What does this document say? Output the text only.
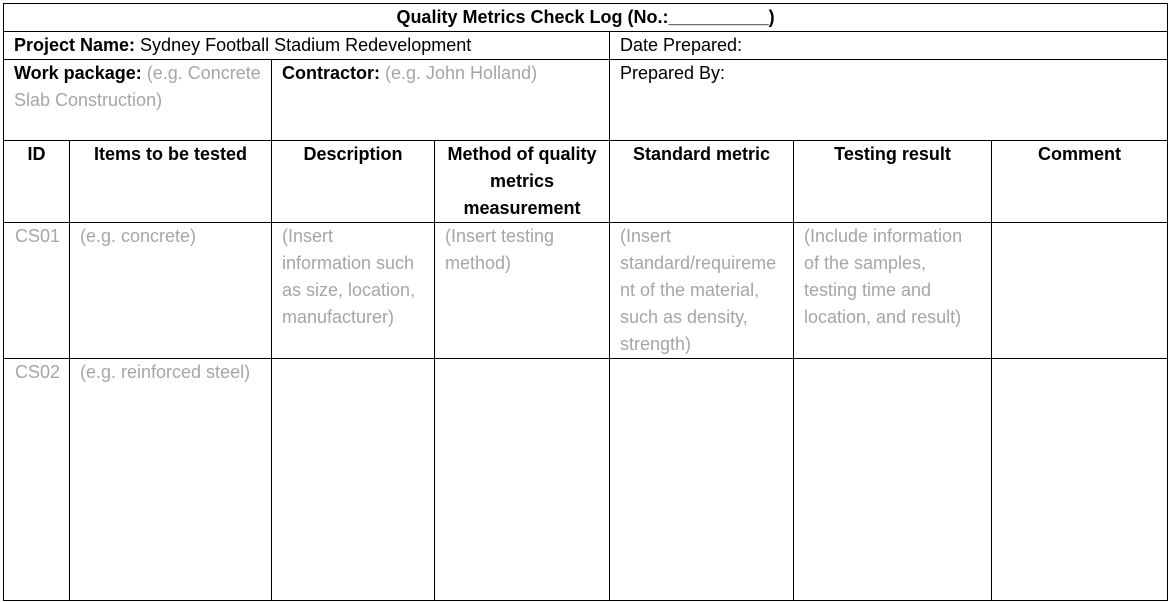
Quality Metrics Check Log (No.:__________)						
Project Name: Sydney Football Stadium Redevelopment				Date Prepared:		
Work package: (e.g. Concrete Slab Construction)		Contractor: (e.g. John Holland)		Prepared By:		
ID	Items to be tested	Description	Method of quality metrics measurement	Standard metric	Testing result	Comment
CS01	(e.g. concrete)	(Insert information such as size, location, manufacturer)	(Insert testing method)	(Insert standard/requirement of the material, such as density, strength)	(Include information of the samples, testing time and location, and result)	
CS02	(e.g. reinforced steel)					
